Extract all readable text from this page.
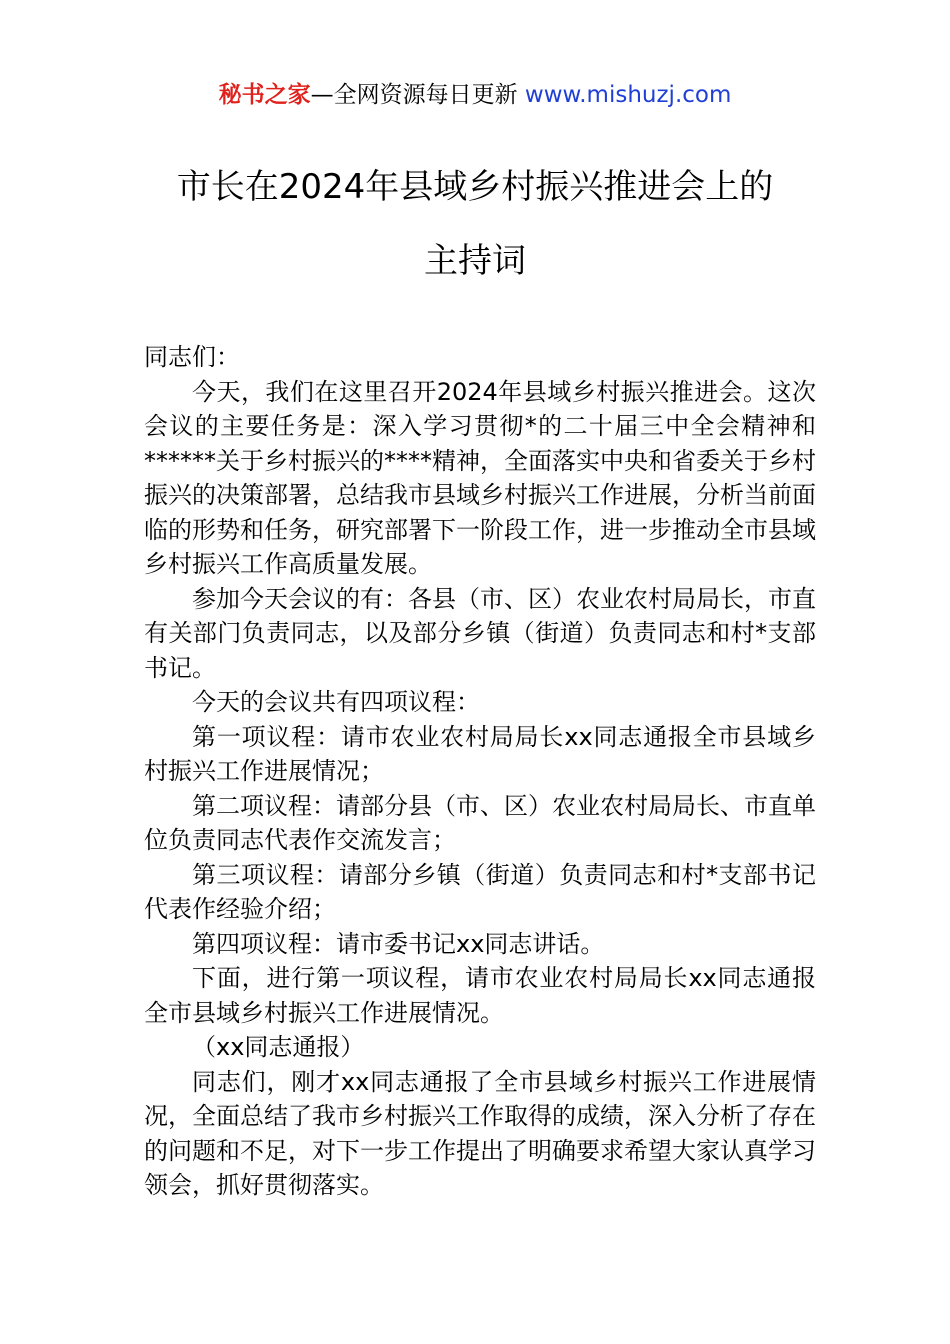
秘书之家—全网资源每日更新 www.mishuzj.com
市长在2024年县域乡村振兴推进会上的
主持词

同志们：

今天，我们在这里召开2024年县域乡村振兴推进会。这次会议的主要任务是：深入学习贯彻*的二十届三中全会精神和******关于乡村振兴的****精神，全面落实中央和省委关于乡村振兴的决策部署，总结我市县域乡村振兴工作进展，分析当前面临的形势和任务，研究部署下一阶段工作，进一步推动全市县域乡村振兴工作高质量发展。

参加今天会议的有：各县（市、区）农业农村局局长，市直有关部门负责同志，以及部分乡镇（街道）负责同志和村*支部书记。

今天的会议共有四项议程：

第一项议程：请市农业农村局局长xx同志通报全市县域乡村振兴工作进展情况；

第二项议程：请部分县（市、区）农业农村局局长、市直单位负责同志代表作交流发言；

第三项议程：请部分乡镇（街道）负责同志和村*支部书记代表作经验介绍；

第四项议程：请市委书记xx同志讲话。

下面，进行第一项议程，请市农业农村局局长xx同志通报全市县域乡村振兴工作进展情况。

（xx同志通报）

同志们，刚才xx同志通报了全市县域乡村振兴工作进展情况，全面总结了我市乡村振兴工作取得的成绩，深入分析了存在的问题和不足，对下一步工作提出了明确要求希望大家认真学习领会，抓好贯彻落实。
